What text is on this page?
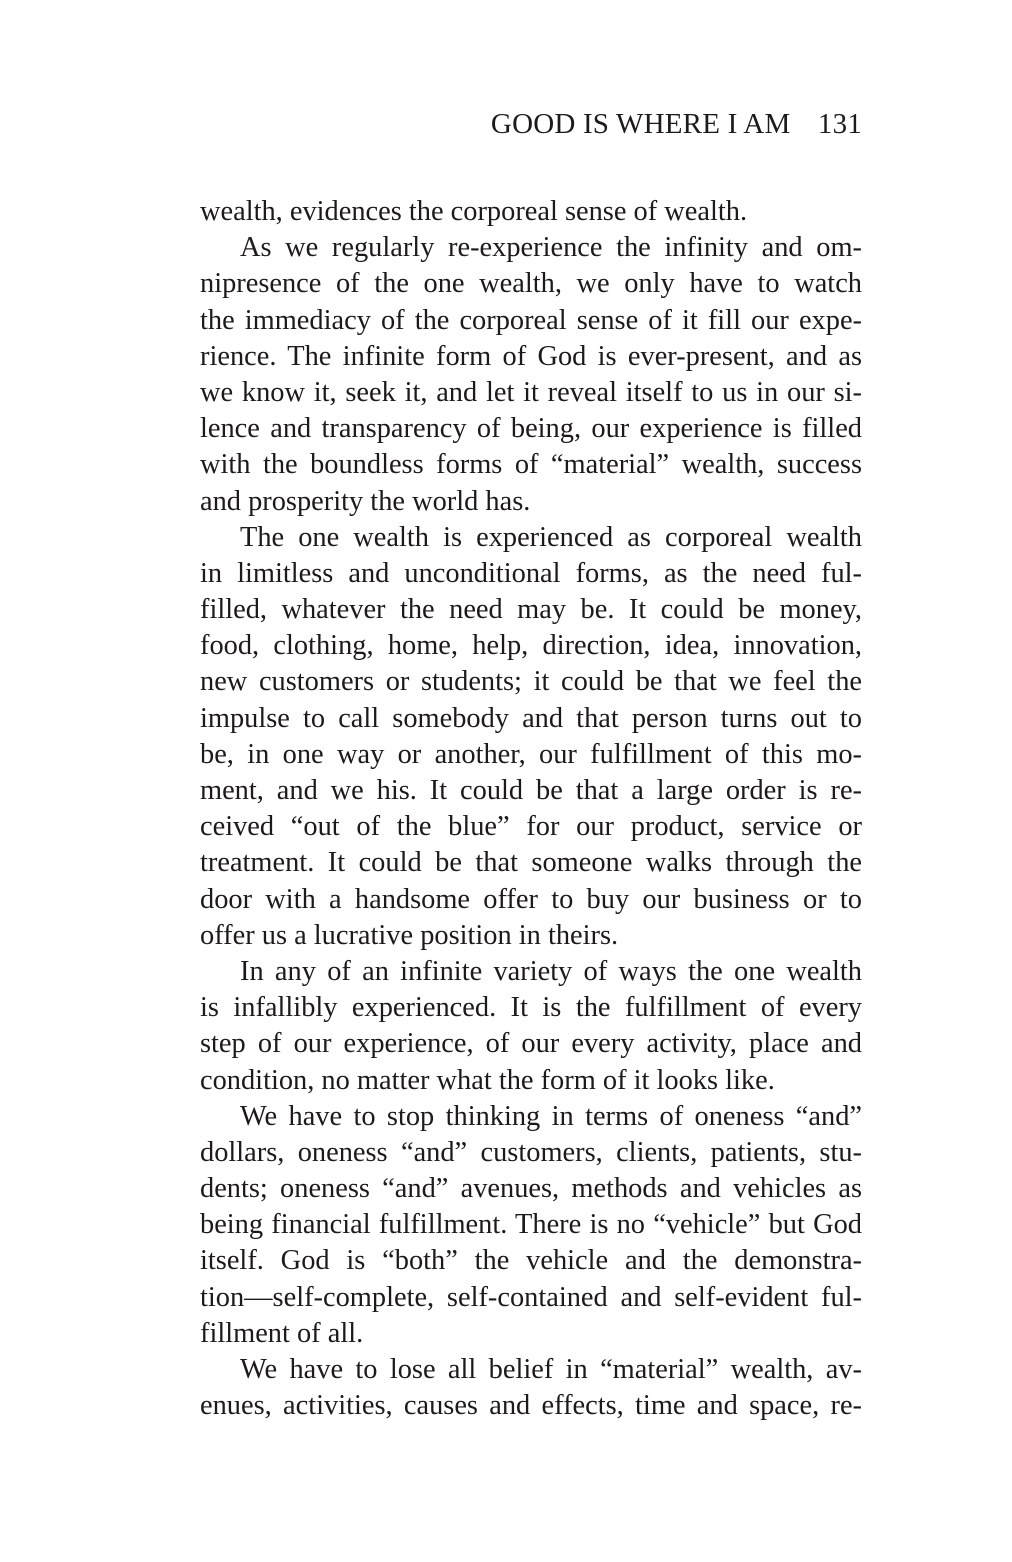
GOOD IS WHERE I AM 131
wealth, evidences the corporeal sense of wealth.
As we regularly re-experience the infinity and om-
nipresence of the one wealth, we only have to watch
the immediacy of the corporeal sense of it fill our expe-
rience. The infinite form of God is ever-present, and as
we know it, seek it, and let it reveal itself to us in our si-
lence and transparency of being, our experience is filled
with the boundless forms of “material” wealth, success
and prosperity the world has.
The one wealth is experienced as corporeal wealth
in limitless and unconditional forms, as the need ful-
filled, whatever the need may be. It could be money,
food, clothing, home, help, direction, idea, innovation,
new customers or students; it could be that we feel the
impulse to call somebody and that person turns out to
be, in one way or another, our fulfillment of this mo-
ment, and we his. It could be that a large order is re-
ceived “out of the blue” for our product, service or
treatment. It could be that someone walks through the
door with a handsome offer to buy our business or to
offer us a lucrative position in theirs.
In any of an infinite variety of ways the one wealth
is infallibly experienced. It is the fulfillment of every
step of our experience, of our every activity, place and
condition, no matter what the form of it looks like.
We have to stop thinking in terms of oneness “and”
dollars, oneness “and” customers, clients, patients, stu-
dents; oneness “and” avenues, methods and vehicles as
being financial fulfillment. There is no “vehicle” but God
itself. God is “both” the vehicle and the demonstra-
tion—self-complete, self-contained and self-evident ful-
fillment of all.
We have to lose all belief in “material” wealth, av-
enues, activities, causes and effects, time and space, re-
